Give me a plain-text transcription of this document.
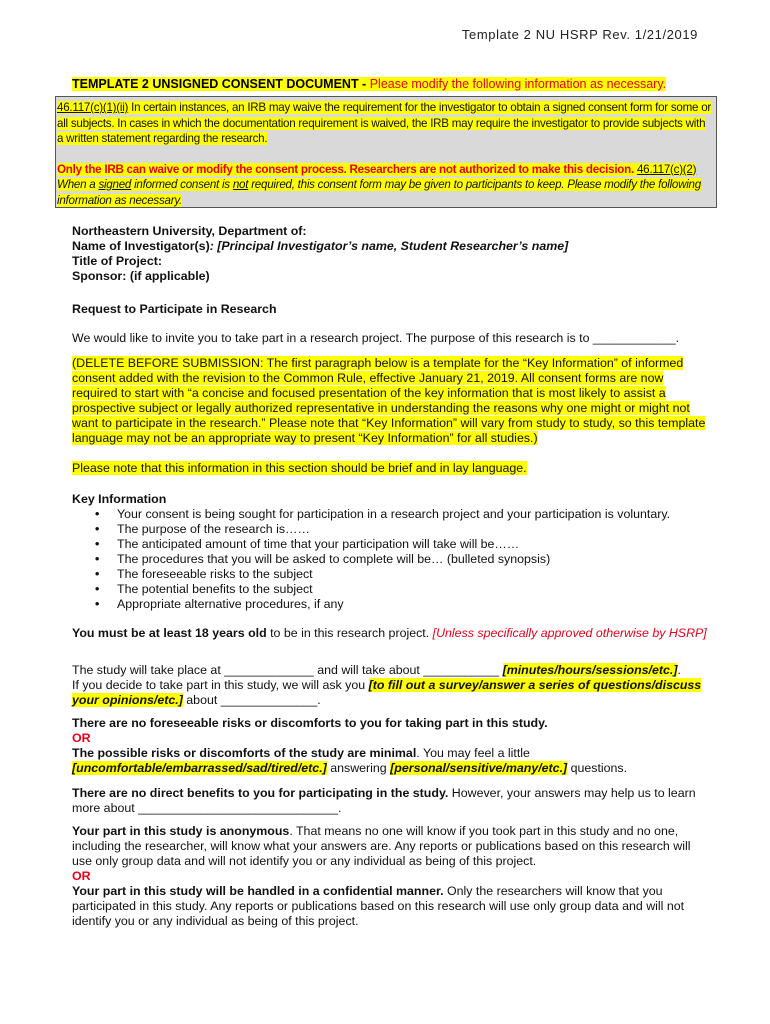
Template 2 NU HSRP Rev. 1/21/2019
TEMPLATE 2 UNSIGNED CONSENT DOCUMENT - Please modify the following information as necessary.

46.117(c)(1)(ii) In certain instances, an IRB may waive the requirement for the investigator to obtain a signed consent form for some or all subjects. In cases in which the documentation requirement is waived, the IRB may require the investigator to provide subjects with a written statement regarding the research.

Only the IRB can waive or modify the consent process. Researchers are not authorized to make this decision. 46.117(c)(2) When a signed informed consent is not required, this consent form may be given to participants to keep. Please modify the following information as necessary.

Northeastern University, Department of:

Name of Investigator(s): [Principal Investigator’s name, Student Researcher’s name]

Title of Project:

Sponsor: (if applicable)

Request to Participate in Research

We would like to invite you to take part in a research project. The purpose of this research is to ____________.

(DELETE BEFORE SUBMISSION: The first paragraph below is a template for the “Key Information” of informed consent added with the revision to the Common Rule, effective January 21, 2019. All consent forms are now required to start with “a concise and focused presentation of the key information that is most likely to assist a prospective subject or legally authorized representative in understanding the reasons why one might or might not want to participate in the research.” Please note that “Key Information” will vary from study to study, so this template language may not be an appropriate way to present “Key Information” for all studies.)

Please note that this information in this section should be brief and in lay language.

Key Information

• Your consent is being sought for participation in a research project and your participation is voluntary.
• The purpose of the research is……
• The anticipated amount of time that your participation will take will be……
• The procedures that you will be asked to complete will be… (bulleted synopsis)
• The foreseeable risks to the subject
• The potential benefits to the subject
• Appropriate alternative procedures, if any

You must be at least 18 years old to be in this research project. [Unless specifically approved otherwise by HSRP]

The study will take place at _____________ and will take about ___________ [minutes/hours/sessions/etc.].

If you decide to take part in this study, we will ask you [to fill out a survey/answer a series of questions/discuss your opinions/etc.] about ______________.

There are no foreseeable risks or discomforts to you for taking part in this study.

OR

The possible risks or discomforts of the study are minimal. You may feel a little [uncomfortable/embarrassed/sad/tired/etc.] answering [personal/sensitive/many/etc.] questions.

There are no direct benefits to you for participating in the study. However, your answers may help us to learn more about _____________________________.

Your part in this study is anonymous. That means no one will know if you took part in this study and no one, including the researcher, will know what your answers are. Any reports or publications based on this research will use only group data and will not identify you or any individual as being of this project.

OR

Your part in this study will be handled in a confidential manner. Only the researchers will know that you participated in this study. Any reports or publications based on this research will use only group data and will not identify you or any individual as being of this project.
